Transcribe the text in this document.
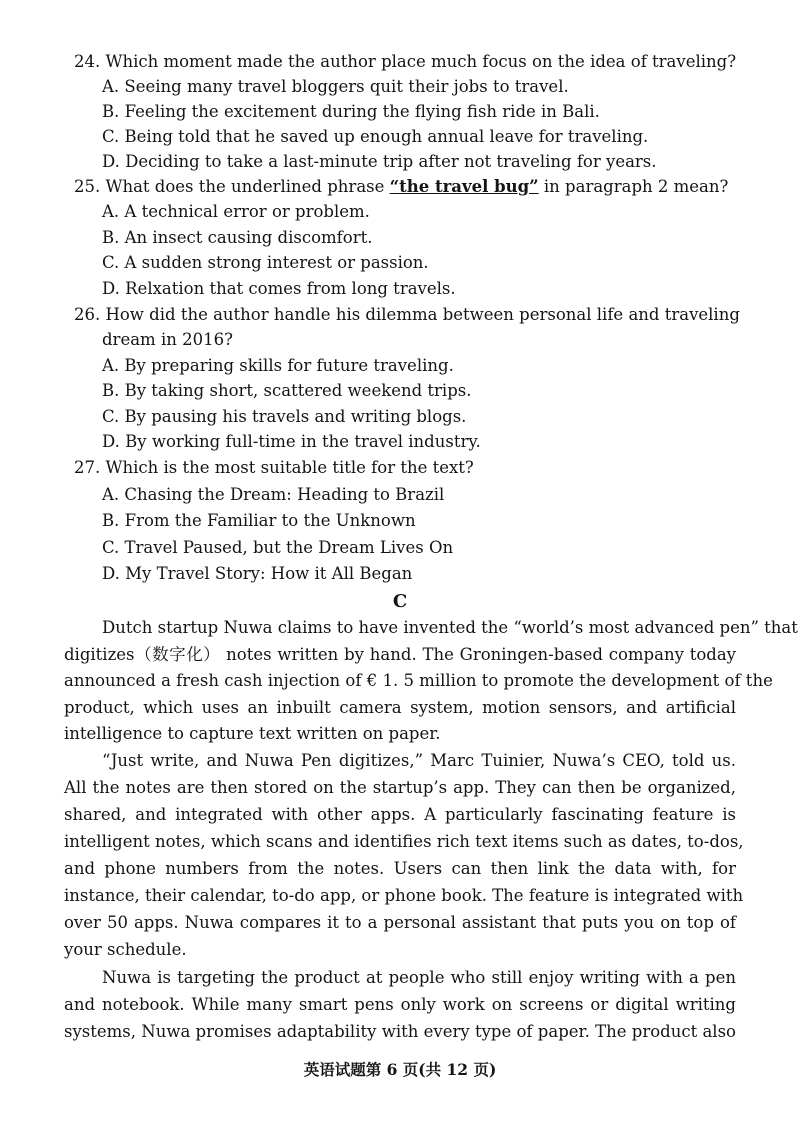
24. Which moment made the author place much focus on the idea of traveling?
A. Seeing many travel bloggers quit their jobs to travel.
B. Feeling the excitement during the flying fish ride in Bali.
C. Being told that he saved up enough annual leave for traveling.
D. Deciding to take a last-minute trip after not traveling for years.
25. What does the underlined phrase “the travel bug” in paragraph 2 mean?
A. A technical error or problem.
B. An insect causing discomfort.
C. A sudden strong interest or passion.
D. Relxation that comes from long travels.
26. How did the author handle his dilemma between personal life and traveling
dream in 2016?
A. By preparing skills for future traveling.
B. By taking short, scattered weekend trips.
C. By pausing his travels and writing blogs.
D. By working full-time in the travel industry.
27. Which is the most suitable title for the text?
A. Chasing the Dream: Heading to Brazil
B. From the Familiar to the Unknown
C. Travel Paused, but the Dream Lives On
D. My Travel Story: How it All Began
C
Dutch startup Nuwa claims to have invented the “world’s most advanced pen” that
digitizes（数字化） notes written by hand. The Groningen-based company today
announced a fresh cash injection of € 1. 5 million to promote the development of the
product, which uses an inbuilt camera system, motion sensors, and artificial
intelligence to capture text written on paper.
“Just write, and Nuwa Pen digitizes,” Marc Tuinier, Nuwa’s CEO, told us.
All the notes are then stored on the startup’s app. They can then be organized,
shared, and integrated with other apps. A particularly fascinating feature is
intelligent notes, which scans and identifies rich text items such as dates, to-dos,
and phone numbers from the notes. Users can then link the data with, for
instance, their calendar, to-do app, or phone book. The feature is integrated with
over 50 apps. Nuwa compares it to a personal assistant that puts you on top of
your schedule.
Nuwa is targeting the product at people who still enjoy writing with a pen
and notebook. While many smart pens only work on screens or digital writing
systems, Nuwa promises adaptability with every type of paper. The product also
英语试题第 6 页(共 12 页)
